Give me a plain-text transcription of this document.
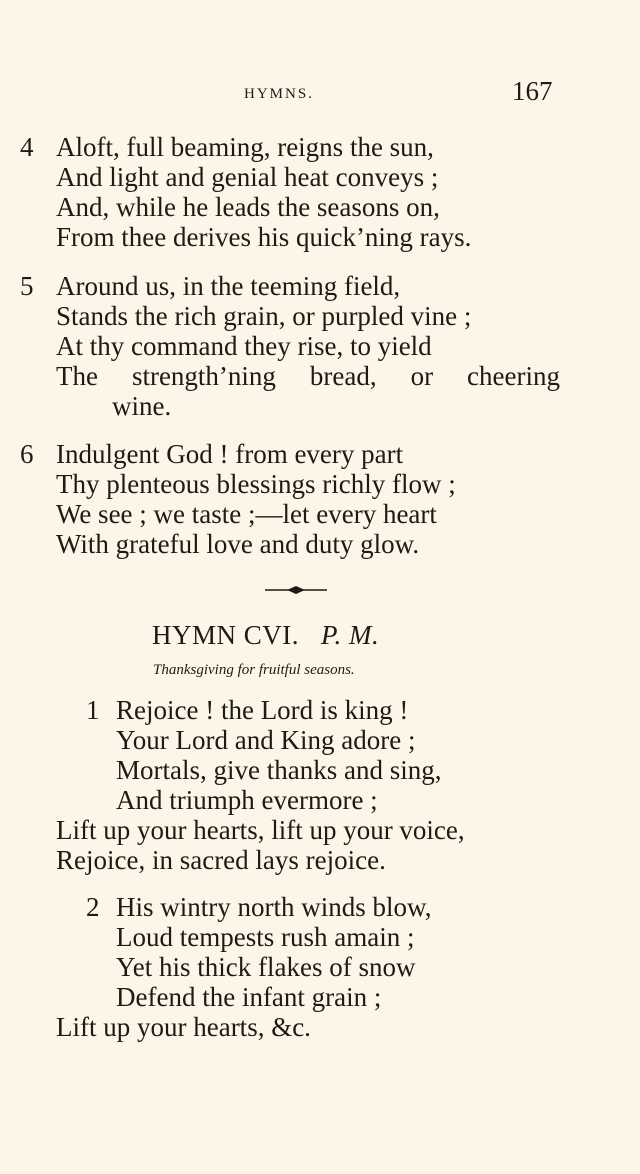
HYMNS.	167
4 Aloft, full beaming, reigns the sun,
And light and genial heat conveys ;
And, while he leads the seasons on,
From thee derives his quick’ning rays.
5 Around us, in the teeming field,
Stands the rich grain, or purpled vine ;
At thy command they rise, to yield
The strength’ning bread, or cheering
wine.
6 Indulgent God ! from every part
Thy plenteous blessings richly flow ;
We see ; we taste ;—let every heart
With grateful love and duty glow.
HYMN CVI. P. M.
Thanksgiving for fruitful seasons.
1 Rejoice ! the Lord is king !
Your Lord and King adore ;
Mortals, give thanks and sing,
And triumph evermore ;
Lift up your hearts, lift up your voice,
Rejoice, in sacred lays rejoice.
2 His wintry north winds blow,
Loud tempests rush amain ;
Yet his thick flakes of snow
Defend the infant grain ;
Lift up your hearts, &c.
